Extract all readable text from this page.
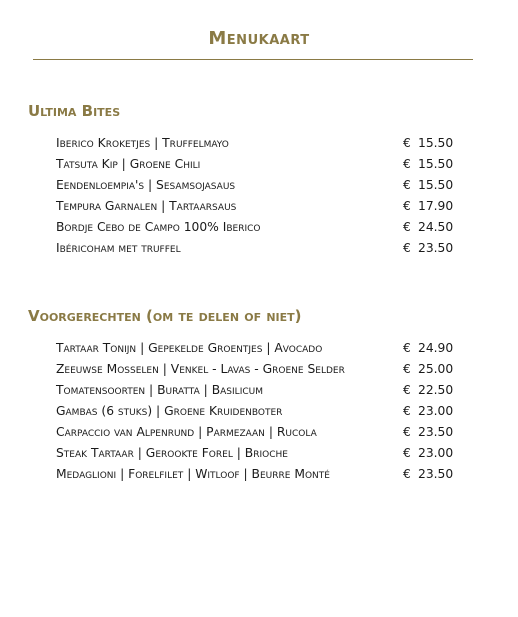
Menukaart
Ultima Bites
Iberico Kroketjes | Truffelmayo	€ 15.50
Tatsuta Kip | Groene Chili	€ 15.50
Eendenloempia's | Sesamsojasaus	€ 15.50
Tempura Garnalen | Tartaarsaus	€ 17.90
Bordje Cebo de Campo 100% Iberico	€ 24.50
Ibéricoham met truffel	€ 23.50
Voorgerechten (om te delen of niet)
Tartaar Tonijn | Gepekelde Groentjes | Avocado	€ 24.90
Zeeuwse Mosselen | Venkel - Lavas - Groene Selder	€ 25.00
Tomatensoorten | Buratta | Basilicum	€ 22.50
Gambas (6 stuks) | Groene Kruidenboter	€ 23.00
Carpaccio van Alpenrund | Parmezaan | Rucola	€ 23.50
Steak Tartaar | Gerookte Forel | Brioche	€ 23.00
Medaglioni | Forelfilet | Witloof | Beurre Monté	€ 23.50
